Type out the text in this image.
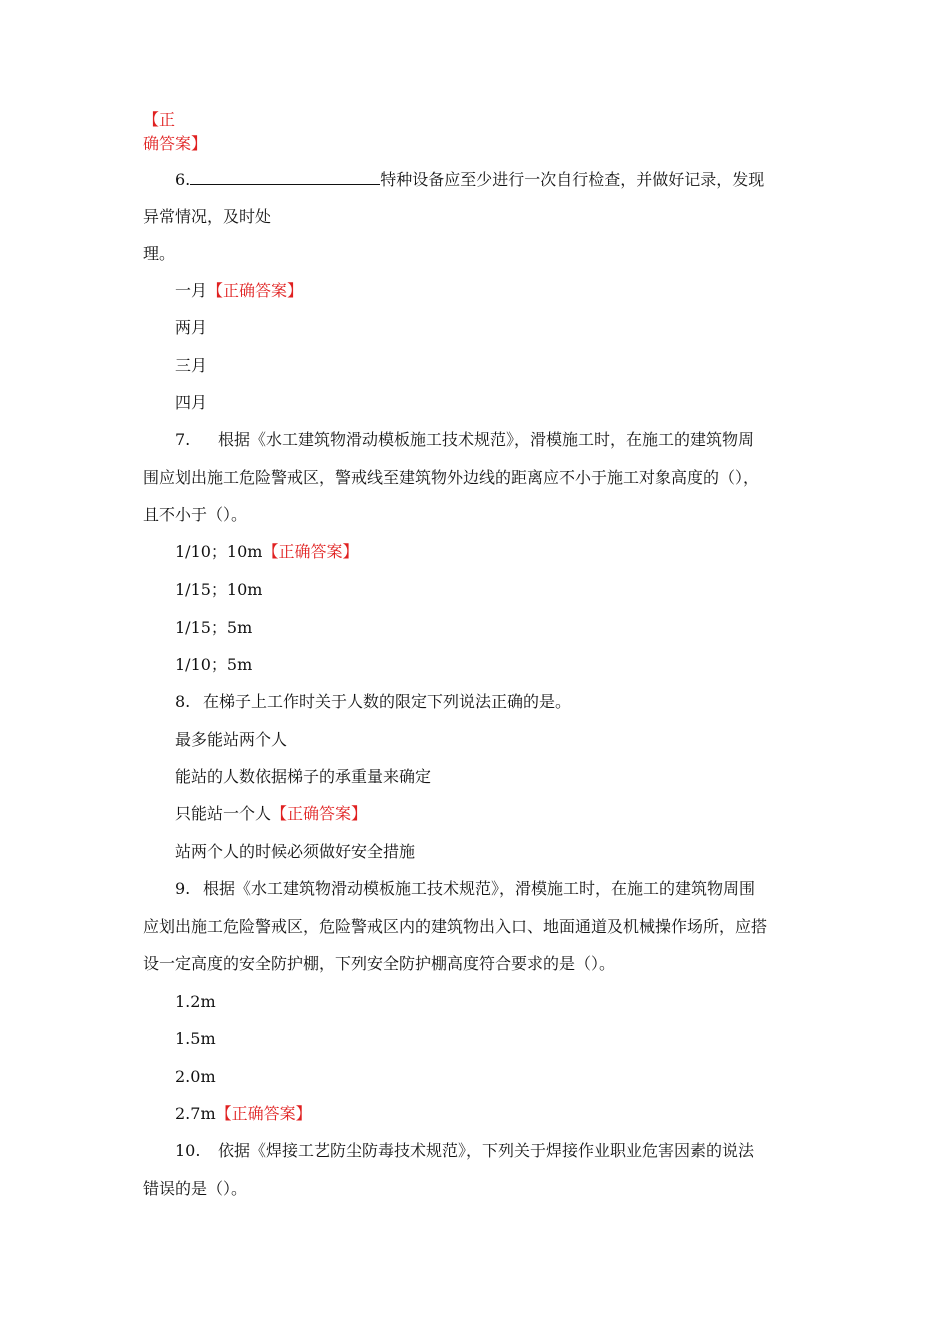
【正
确答案】
6.	特种设备应至少进行一次自行检查，并做好记录，发现
异常情况，及时处
理。
一月【正确答案】
两月
三月
四月
7. 根据《水工建筑物滑动模板施工技术规范》，滑模施工时，在施工的建筑物周
围应划出施工危险警戒区，警戒线至建筑物外边线的距离应不小于施工对象高度的（），
且不小于（）。
1/10；10m【正确答案】
1/15；10m
1/15；5m
1/10；5m
8. 在梯子上工作时关于人数的限定下列说法正确的是。
最多能站两个人
能站的人数依据梯子的承重量来确定
只能站一个人【正确答案】
站两个人的时候必须做好安全措施
9. 根据《水工建筑物滑动模板施工技术规范》，滑模施工时，在施工的建筑物周围
应划出施工危险警戒区，危险警戒区内的建筑物出入口、地面通道及机械操作场所，应搭
设一定高度的安全防护棚，下列安全防护棚高度符合要求的是（）。
1.2m
1.5m
2.0m
2.7m【正确答案】
10. 依据《焊接工艺防尘防毒技术规范》，下列关于焊接作业职业危害因素的说法
错误的是（）。
